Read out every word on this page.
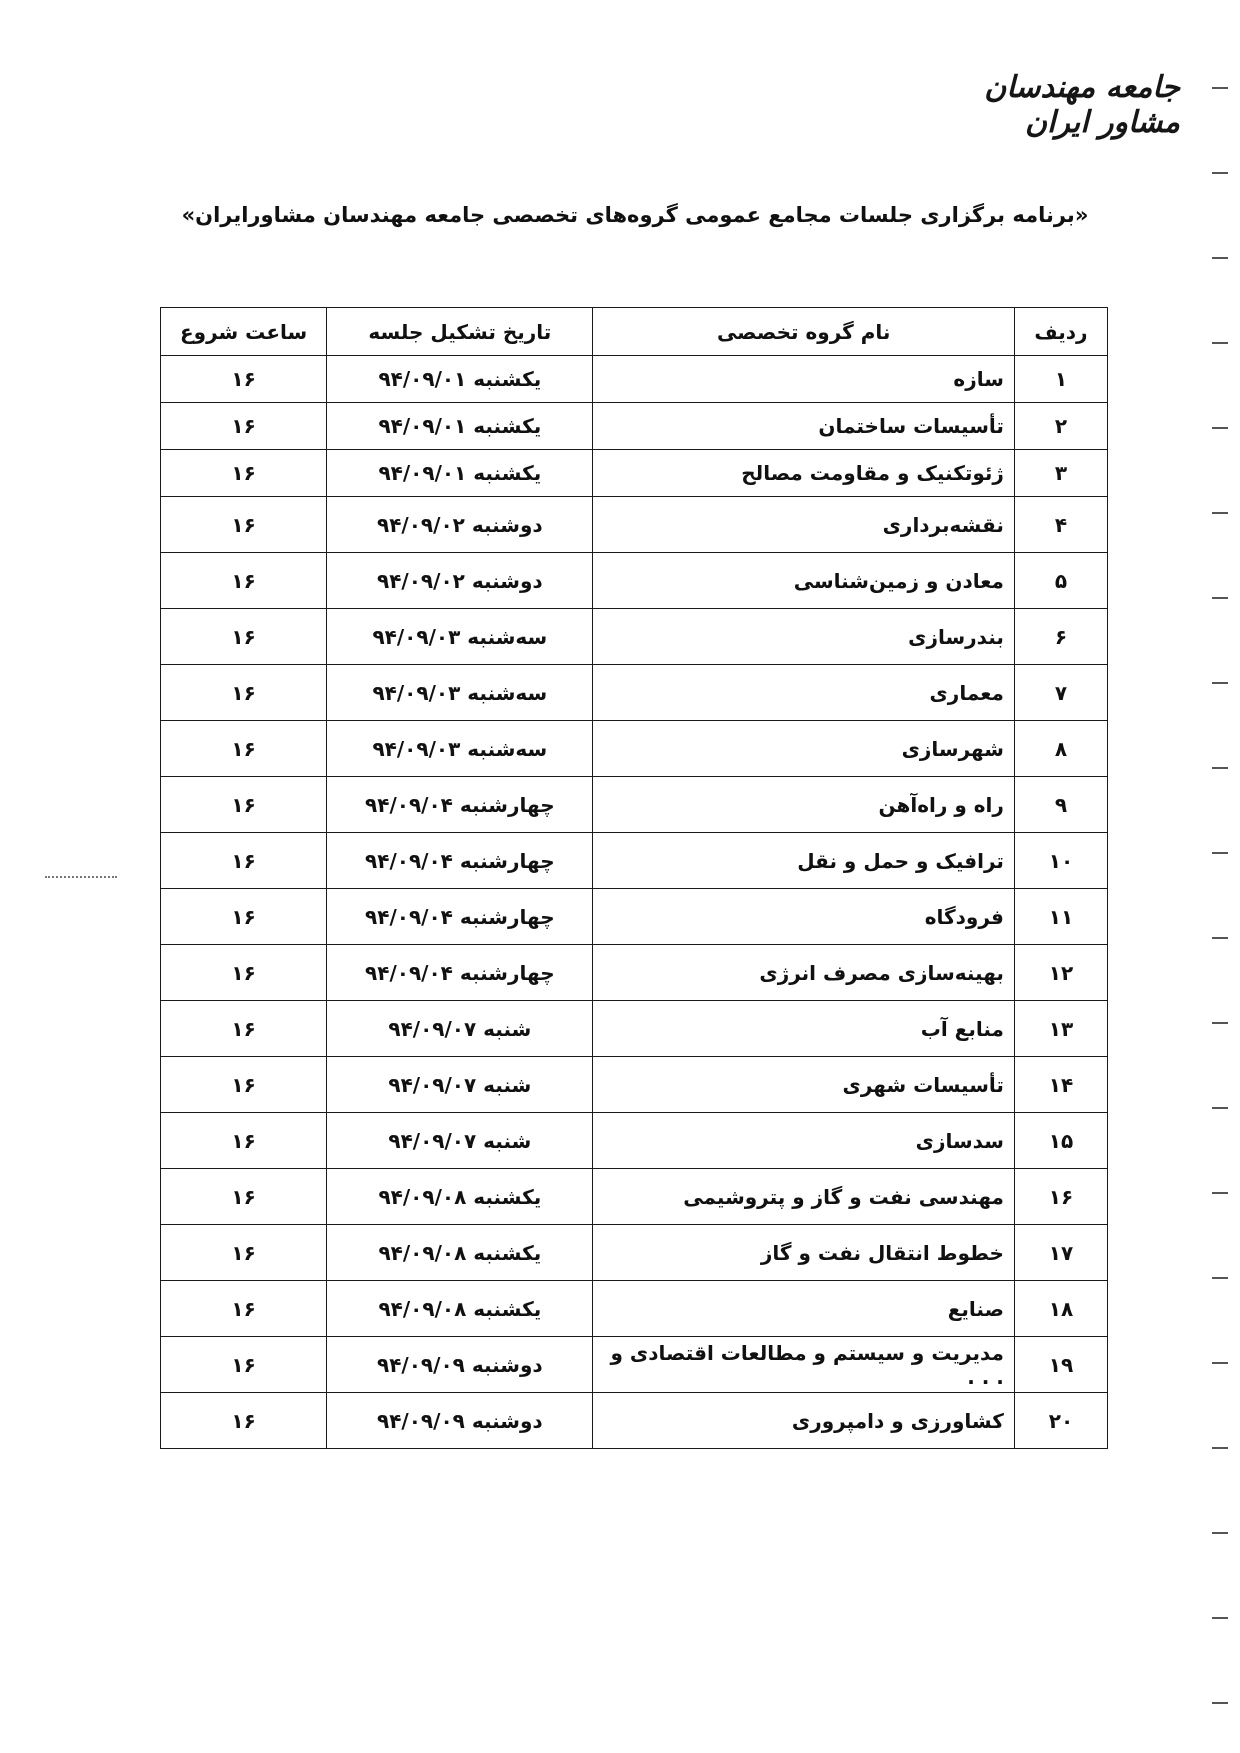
جامعه مهندسان مشاور ایران
«برنامه برگزاری جلسات مجامع عمومی گروه‌های تخصصی جامعه مهندسان مشاورایران»
ردیف	نام گروه تخصصی	تاریخ تشکیل جلسه	ساعت شروع
۱	سازه	یکشنبه ۹۴/۰۹/۰۱	۱۶
۲	تأسیسات ساختمان	یکشنبه ۹۴/۰۹/۰۱	۱۶
۳	ژئوتکنیک و مقاومت مصالح	یکشنبه ۹۴/۰۹/۰۱	۱۶
۴	نقشه‌برداری	دوشنبه ۹۴/۰۹/۰۲	۱۶
۵	معادن و زمین‌شناسی	دوشنبه ۹۴/۰۹/۰۲	۱۶
۶	بندرسازی	سه‌شنبه ۹۴/۰۹/۰۳	۱۶
۷	معماری	سه‌شنبه ۹۴/۰۹/۰۳	۱۶
۸	شهرسازی	سه‌شنبه ۹۴/۰۹/۰۳	۱۶
۹	راه و راه‌آهن	چهارشنبه ۹۴/۰۹/۰۴	۱۶
۱۰	ترافیک و حمل و نقل	چهارشنبه ۹۴/۰۹/۰۴	۱۶
۱۱	فرودگاه	چهارشنبه ۹۴/۰۹/۰۴	۱۶
۱۲	بهینه‌سازی مصرف انرژی	چهارشنبه ۹۴/۰۹/۰۴	۱۶
۱۳	منابع آب	شنبه ۹۴/۰۹/۰۷	۱۶
۱۴	تأسیسات شهری	شنبه ۹۴/۰۹/۰۷	۱۶
۱۵	سدسازی	شنبه ۹۴/۰۹/۰۷	۱۶
۱۶	مهندسی نفت و گاز و پتروشیمی	یکشنبه ۹۴/۰۹/۰۸	۱۶
۱۷	خطوط انتقال نفت و گاز	یکشنبه ۹۴/۰۹/۰۸	۱۶
۱۸	صنایع	یکشنبه ۹۴/۰۹/۰۸	۱۶
۱۹	مدیریت و سیستم و مطالعات اقتصادی و . . .	دوشنبه ۹۴/۰۹/۰۹	۱۶
۲۰	کشاورزی و دامپروری	دوشنبه ۹۴/۰۹/۰۹	۱۶
